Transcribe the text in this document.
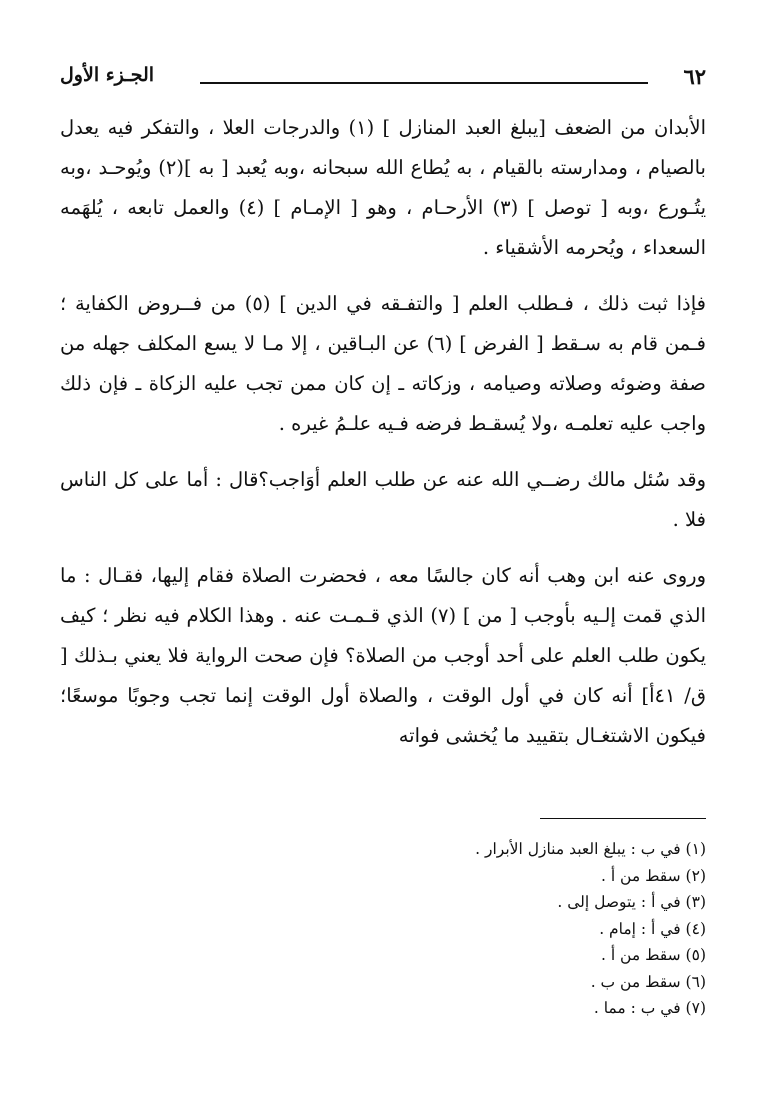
٦٢
الجـزء الأول

الأبدان من الضعف [يبلغ العبد المنازل ] (١) والدرجات العلا ، والتفكر فيه يعدل بالصيام ، ومدارسته بالقيام ، به يُطاع الله سبحانه ،وبه يُعبد [ به ](٢) ويُوحـد ،وبه يتُـورع ،وبه [ توصل ] (٣) الأرحـام ، وهو [ الإمـام ] (٤) والعمل تابعه ، يُلهَمه السعداء ، ويُحرمه الأشقياء .

فإذا ثبت ذلك ، فـطلب العلم [ والتفـقه في الدين ] (٥) من فــروض الكفاية ؛ فـمن قام به سـقط [ الفرض ] (٦) عن البـاقين ، إلا مـا لا يسع المكلف جهله من صفة وضوئه وصلاته وصيامه ، وزكاته ـ إن كان ممن تجب عليه الزكاة ـ فإن ذلك واجب عليه تعلمـه ،ولا يُسقـط فرضه فـيه علـمُ غيره .

وقد سُئل مالك رضــي الله عنه عن طلب العلم أوَاجب؟قال : أما على كل الناس فلا .

وروى عنه ابن وهب أنه كان جالسًا معه ، فحضرت الصلاة فقام إليها، فقـال : ما الذي قمت إلـيه بأوجب [ من ] (٧) الذي قـمـت عنه . وهذا الكلام فيه نظر ؛ كيف يكون طلب العلم على أحد أوجب من الصلاة؟ فإن صحت الرواية فلا يعني بـذلك [ ق/ ٤١أ] أنه كان في أول الوقت ، والصلاة أول الوقت إنما تجب وجوبًا موسعًا؛ فيكون الاشتغـال بتقييد ما يُخشى فواته

(١) في ب : يبلغ العبد منازل الأبرار .
(٢) سقط من أ .
(٣) في أ : يتوصل إلى .
(٤) في أ : إمام .
(٥) سقط من أ .
(٦) سقط من ب .
(٧) في ب : مما .
